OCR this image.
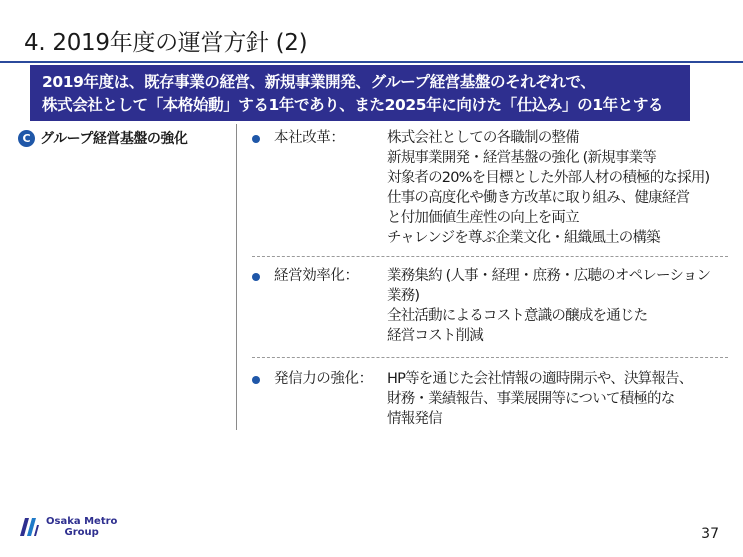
4. 2019年度の運営方針 (2)
2019年度は、既存事業の経営、新規事業開発、グループ経営基盤のそれぞれで、
株式会社として「本格始動」する1年であり、また2025年に向けた「仕込み」の1年とする
C グループ経営基盤の強化	本社改革：	株式会社としての各職制の整備
新規事業開発・経営基盤の強化 (新規事業等
対象者の20%を目標とした外部人材の積極的な採用)
仕事の高度化や働き方改革に取り組み、健康経営
と付加価値生産性の向上を両立
チャレンジを尊ぶ企業文化・組織風土の構築
経営効率化： 業務集約 (人事・経理・庶務・広聴のオペレーション
業務)
全社活動によるコスト意識の醸成を通じた
経営コスト削減
発信力の強化： HP等を通じた会社情報の適時開示や、決算報告、
財務・業績報告、事業展開等について積極的な
情報発信
Osaka Metro
Group	37
